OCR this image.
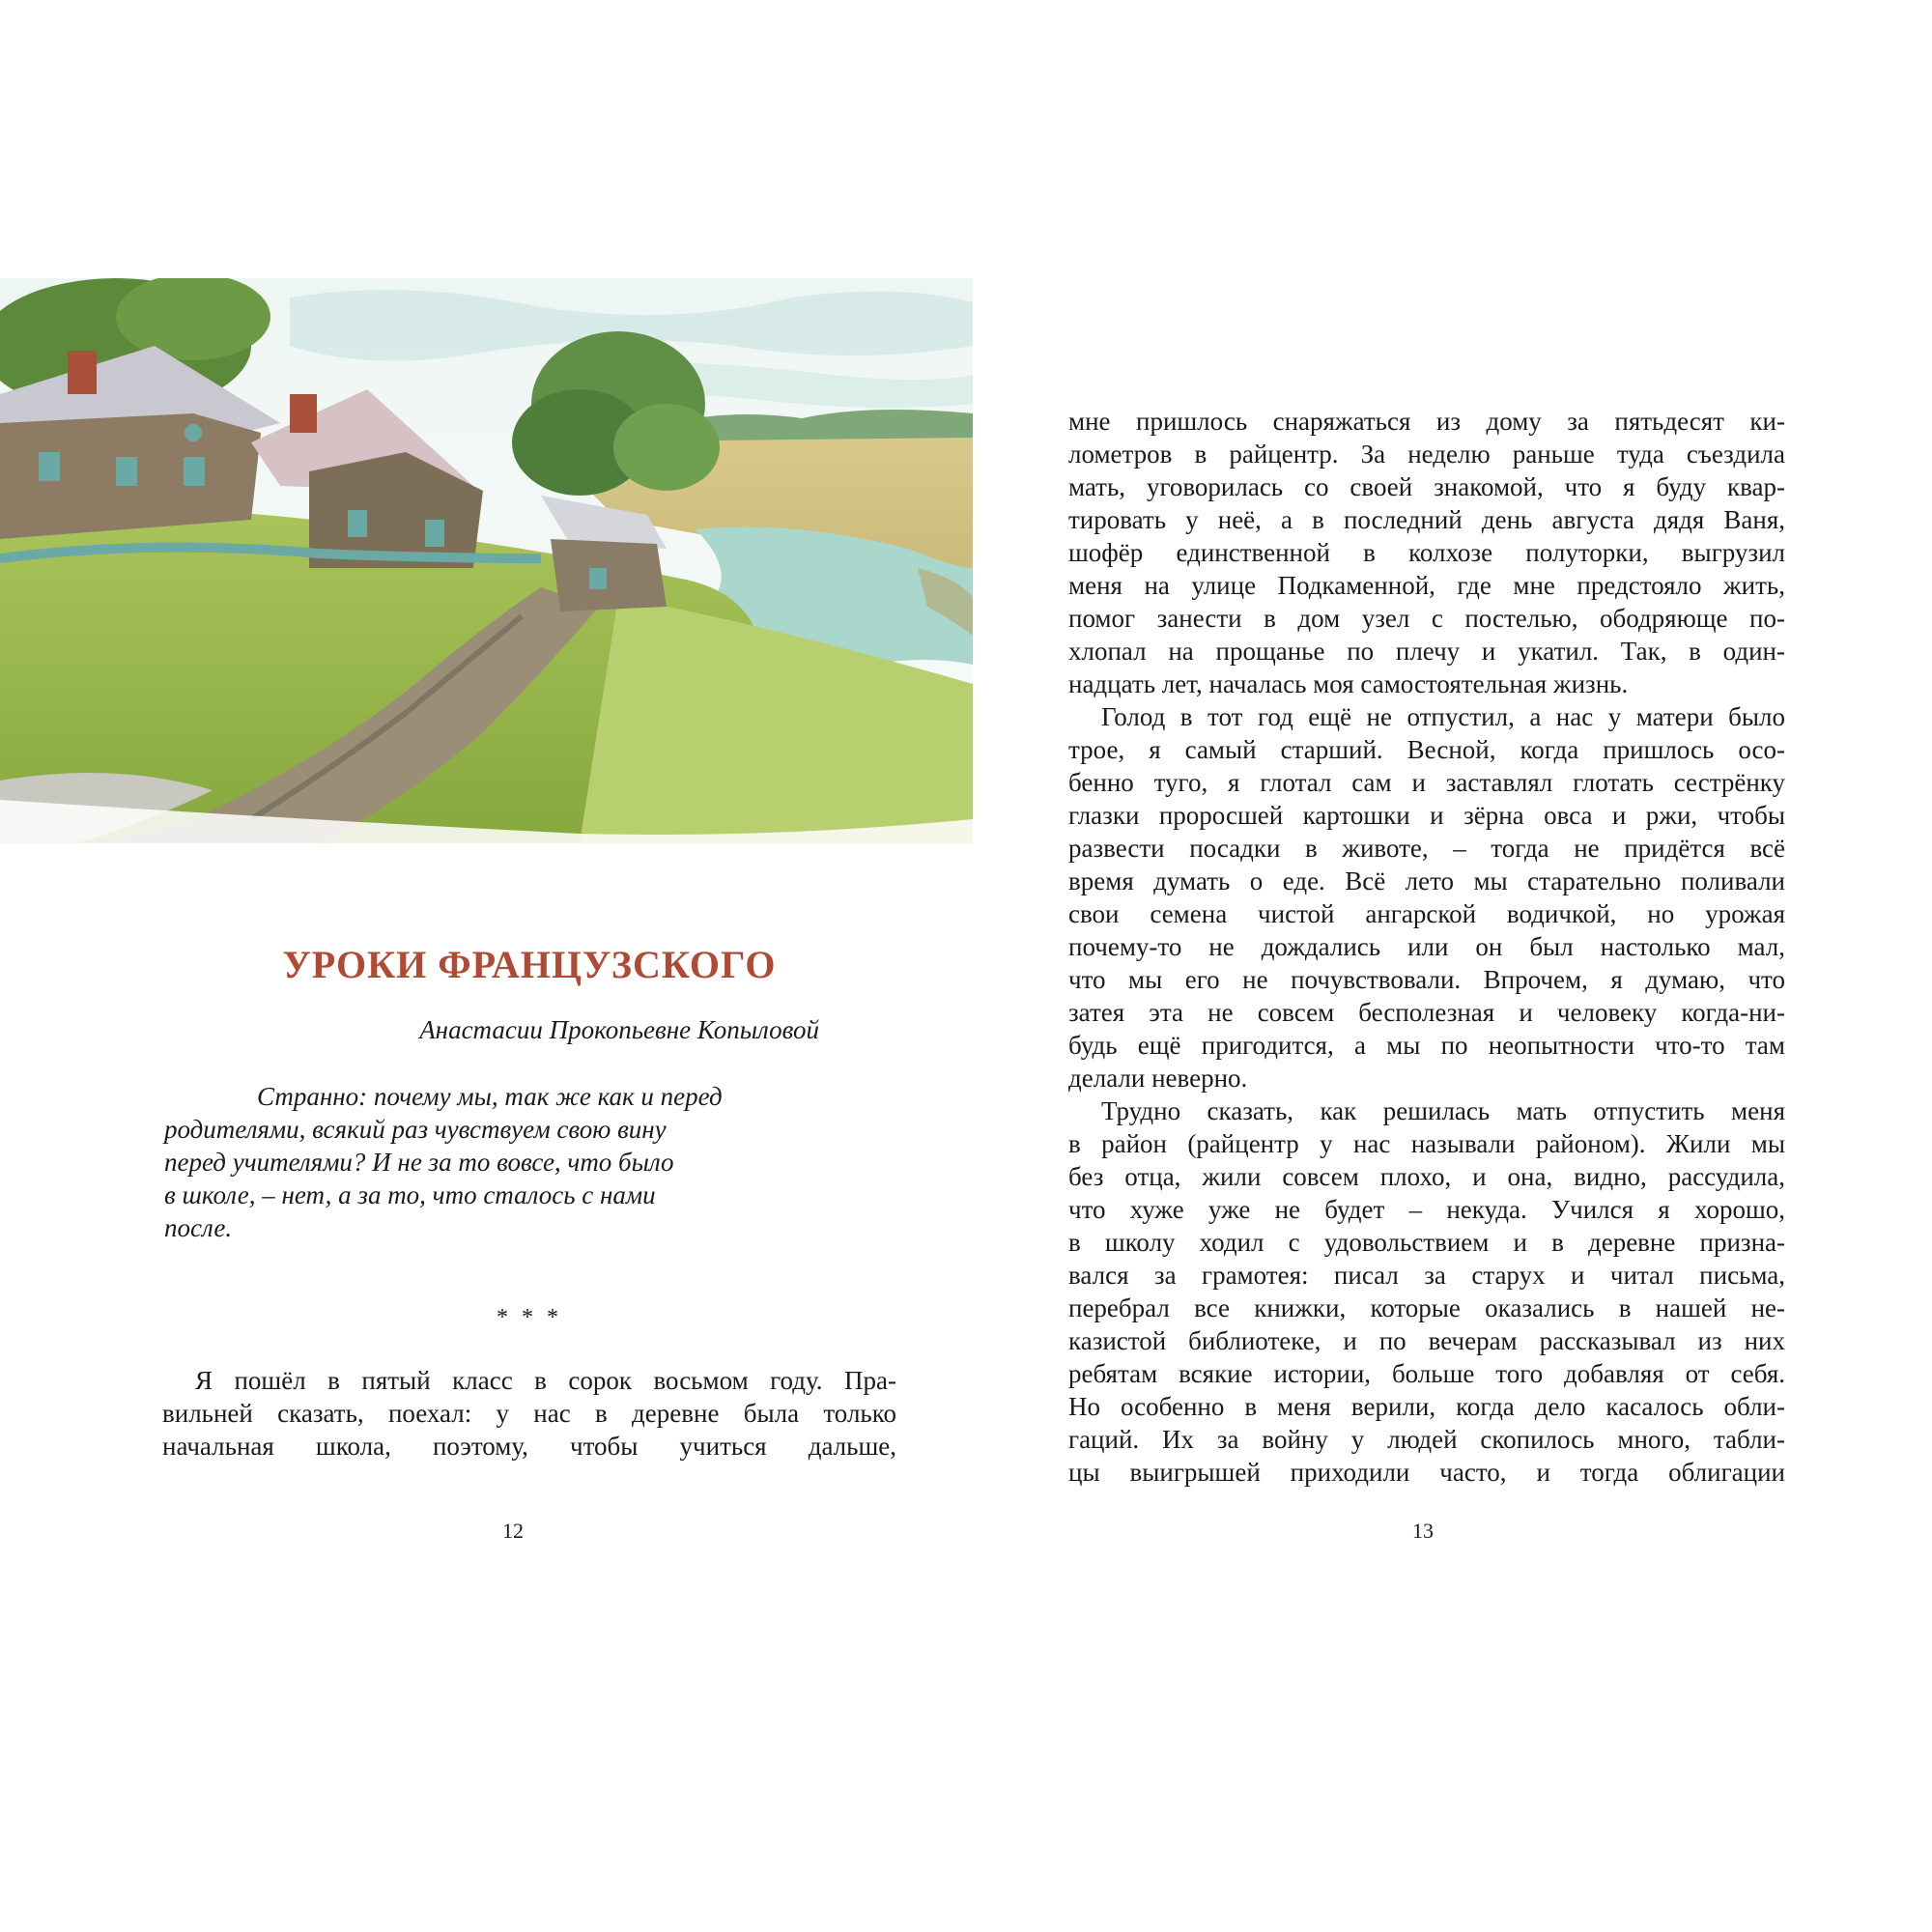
УРОКИ ФРАНЦУЗСКОГО
Анастасии Прокопьевне Копыловой
Странно: почему мы, так же как и перед
родителями, всякий раз чувствуем свою вину
перед учителями? И не за то вовсе, что было
в школе, – нет, а за то, что сталось с нами
после.
* * *
Я пошёл в пятый класс в сорок восьмом году. Пра-
вильней сказать, поехал: у нас в деревне была только
начальная школа, поэтому, чтобы учиться дальше,
мне пришлось снаряжаться из дому за пятьдесят ки-
лометров в райцентр. За неделю раньше туда съездила
мать, уговорилась со своей знакомой, что я буду квар-
тировать у неё, а в последний день августа дядя Ваня,
шофёр единственной в колхозе полуторки, выгрузил
меня на улице Подкаменной, где мне предстояло жить,
помог занести в дом узел с постелью, ободряюще по-
хлопал на прощанье по плечу и укатил. Так, в один-
надцать лет, началась моя самостоятельная жизнь.
Голод в тот год ещё не отпустил, а нас у матери было
трое, я самый старший. Весной, когда пришлось осо-
бенно туго, я глотал сам и заставлял глотать сестрёнку
глазки проросшей картошки и зёрна овса и ржи, чтобы
развести посадки в животе, – тогда не придётся всё
время думать о еде. Всё лето мы старательно поливали
свои семена чистой ангарской водичкой, но урожая
почему-то не дождались или он был настолько мал,
что мы его не почувствовали. Впрочем, я думаю, что
затея эта не совсем бесполезная и человеку когда-ни-
будь ещё пригодится, а мы по неопытности что-то там
делали неверно.
Трудно сказать, как решилась мать отпустить меня
в район (райцентр у нас называли районом). Жили мы
без отца, жили совсем плохо, и она, видно, рассудила,
что хуже уже не будет – некуда. Учился я хорошо,
в школу ходил с удовольствием и в деревне призна-
вался за грамотея: писал за старух и читал письма,
перебрал все книжки, которые оказались в нашей не-
казистой библиотеке, и по вечерам рассказывал из них
ребятам всякие истории, больше того добавляя от себя.
Но особенно в меня верили, когда дело касалось обли-
гаций. Их за войну у людей скопилось много, табли-
цы выигрышей приходили часто, и тогда облигации
12	13
